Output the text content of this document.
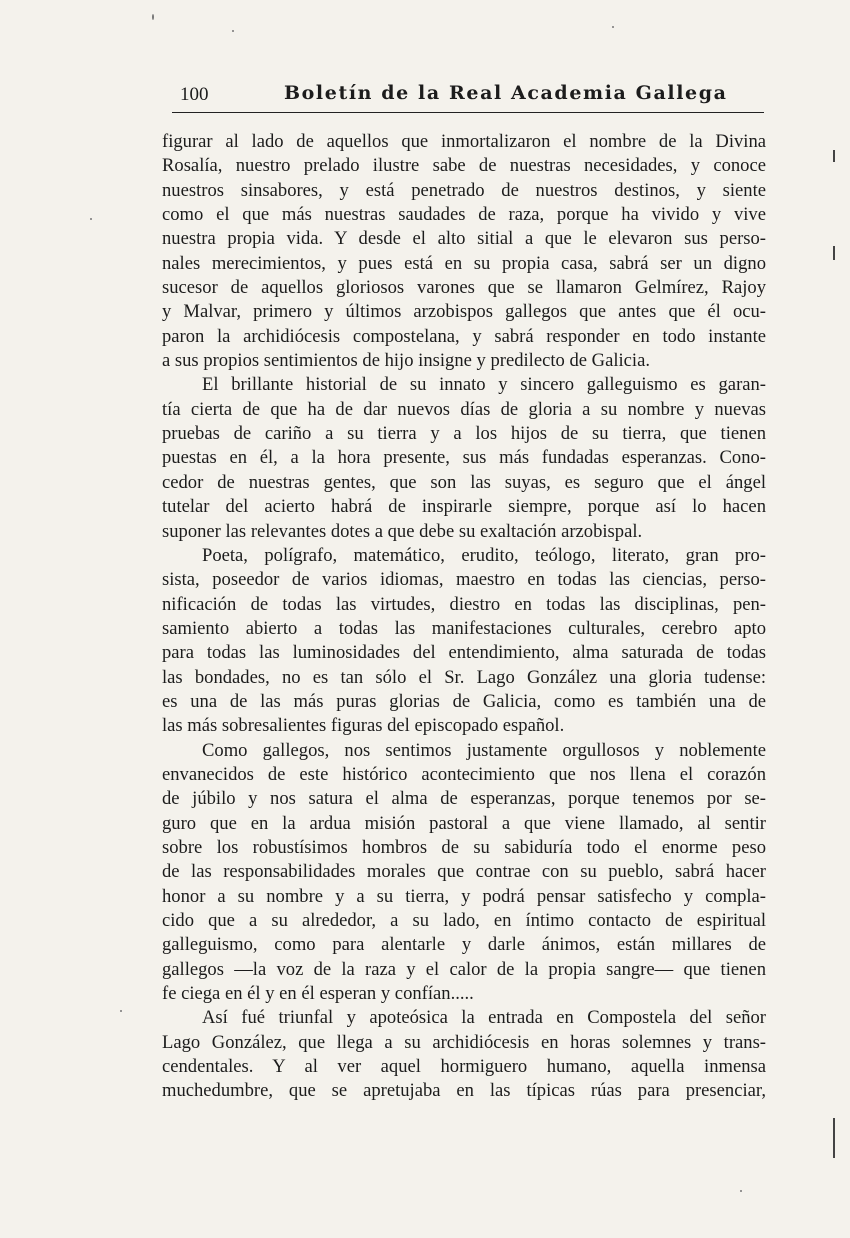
100	Boletín de la Real Academia Gallega
figurar al lado de aquellos que inmortalizaron el nombre de la Divina
Rosalía, nuestro prelado ilustre sabe de nuestras necesidades, y conoce
nuestros sinsabores, y está penetrado de nuestros destinos, y siente
como el que más nuestras saudades de raza, porque ha vivido y vive
nuestra propia vida. Y desde el alto sitial a que le elevaron sus perso-
nales merecimientos, y pues está en su propia casa, sabrá ser un digno
sucesor de aquellos gloriosos varones que se llamaron Gelmírez, Rajoy
y Malvar, primero y últimos arzobispos gallegos que antes que él ocu-
paron la archidiócesis compostelana, y sabrá responder en todo instante
a sus propios sentimientos de hijo insigne y predilecto de Galicia.
El brillante historial de su innato y sincero galleguismo es garan-
tía cierta de que ha de dar nuevos días de gloria a su nombre y nuevas
pruebas de cariño a su tierra y a los hijos de su tierra, que tienen
puestas en él, a la hora presente, sus más fundadas esperanzas. Cono-
cedor de nuestras gentes, que son las suyas, es seguro que el ángel
tutelar del acierto habrá de inspirarle siempre, porque así lo hacen
suponer las relevantes dotes a que debe su exaltación arzobispal.
Poeta, polígrafo, matemático, erudito, teólogo, literato, gran pro-
sista, poseedor de varios idiomas, maestro en todas las ciencias, perso-
nificación de todas las virtudes, diestro en todas las disciplinas, pen-
samiento abierto a todas las manifestaciones culturales, cerebro apto
para todas las luminosidades del entendimiento, alma saturada de todas
las bondades, no es tan sólo el Sr. Lago González una gloria tudense:
es una de las más puras glorias de Galicia, como es también una de
las más sobresalientes figuras del episcopado español.
Como gallegos, nos sentimos justamente orgullosos y noblemente
envanecidos de este histórico acontecimiento que nos llena el corazón
de júbilo y nos satura el alma de esperanzas, porque tenemos por se-
guro que en la ardua misión pastoral a que viene llamado, al sentir
sobre los robustísimos hombros de su sabiduría todo el enorme peso
de las responsabilidades morales que contrae con su pueblo, sabrá hacer
honor a su nombre y a su tierra, y podrá pensar satisfecho y compla-
cido que a su alrededor, a su lado, en íntimo contacto de espiritual
galleguismo, como para alentarle y darle ánimos, están millares de
gallegos —la voz de la raza y el calor de la propia sangre— que tienen
fe ciega en él y en él esperan y confían.....
Así fué triunfal y apoteósica la entrada en Compostela del señor
Lago González, que llega a su archidiócesis en horas solemnes y trans-
cendentales. Y al ver aquel hormiguero humano, aquella inmensa
muchedumbre, que se apretujaba en las típicas rúas para presenciar,
